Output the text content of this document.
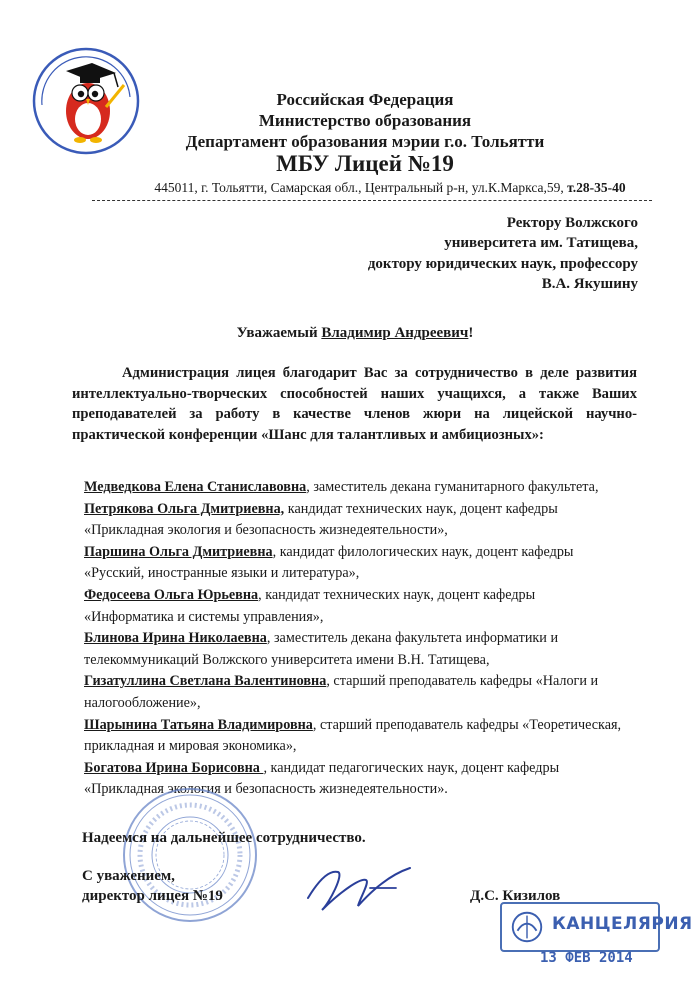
Российская Федерация
Министерство образования
Департамент образования мэрии г.о. Тольятти
МБУ Лицей №19
445011, г. Тольятти, Самарская обл., Центральный р-н, ул.К.Маркса,59, т.28-35-40
Ректору Волжского
университета им. Татищева,
доктору юридических наук, профессору
В.А. Якушину
Уважаемый Владимир Андреевич!

Администрация лицея благодарит Вас за сотрудничество в деле развития интеллектуально-творческих способностей наших учащихся, а также Ваших преподавателей за работу в качестве членов жюри на лицейской научно-практической конференции «Шанс для талантливых и амбициозных»:

Медведкова Елена Станиславовна, заместитель декана гуманитарного факультета,
Петрякова Ольга Дмитриевна, кандидат технических наук, доцент кафедры «Прикладная экология и безопасность жизнедеятельности»,
Паршина Ольга Дмитриевна, кандидат филологических наук, доцент кафедры «Русский, иностранные языки и литература»,
Федосеева Ольга Юрьевна, кандидат технических наук, доцент кафедры «Информатика и системы управления»,
Блинова Ирина Николаевна, заместитель декана факультета информатики и телекоммуникаций Волжского университета имени В.Н. Татищева,
Гизатуллина Светлана Валентиновна, старший преподаватель кафедры «Налоги и налогообложение»,
Шарынина Татьяна Владимировна, старший преподаватель кафедры «Теоретическая, прикладная и мировая экономика»,
Богатова Ирина Борисовна , кандидат педагогических наук, доцент кафедры «Прикладная экология и безопасность жизнедеятельности».
Надеемся на дальнейшее сотрудничество.
С уважением,
директор лицея №19	Д.С. Кизилов
КАНЦЕЛЯРИЯ
13 ФЕВ 2014
